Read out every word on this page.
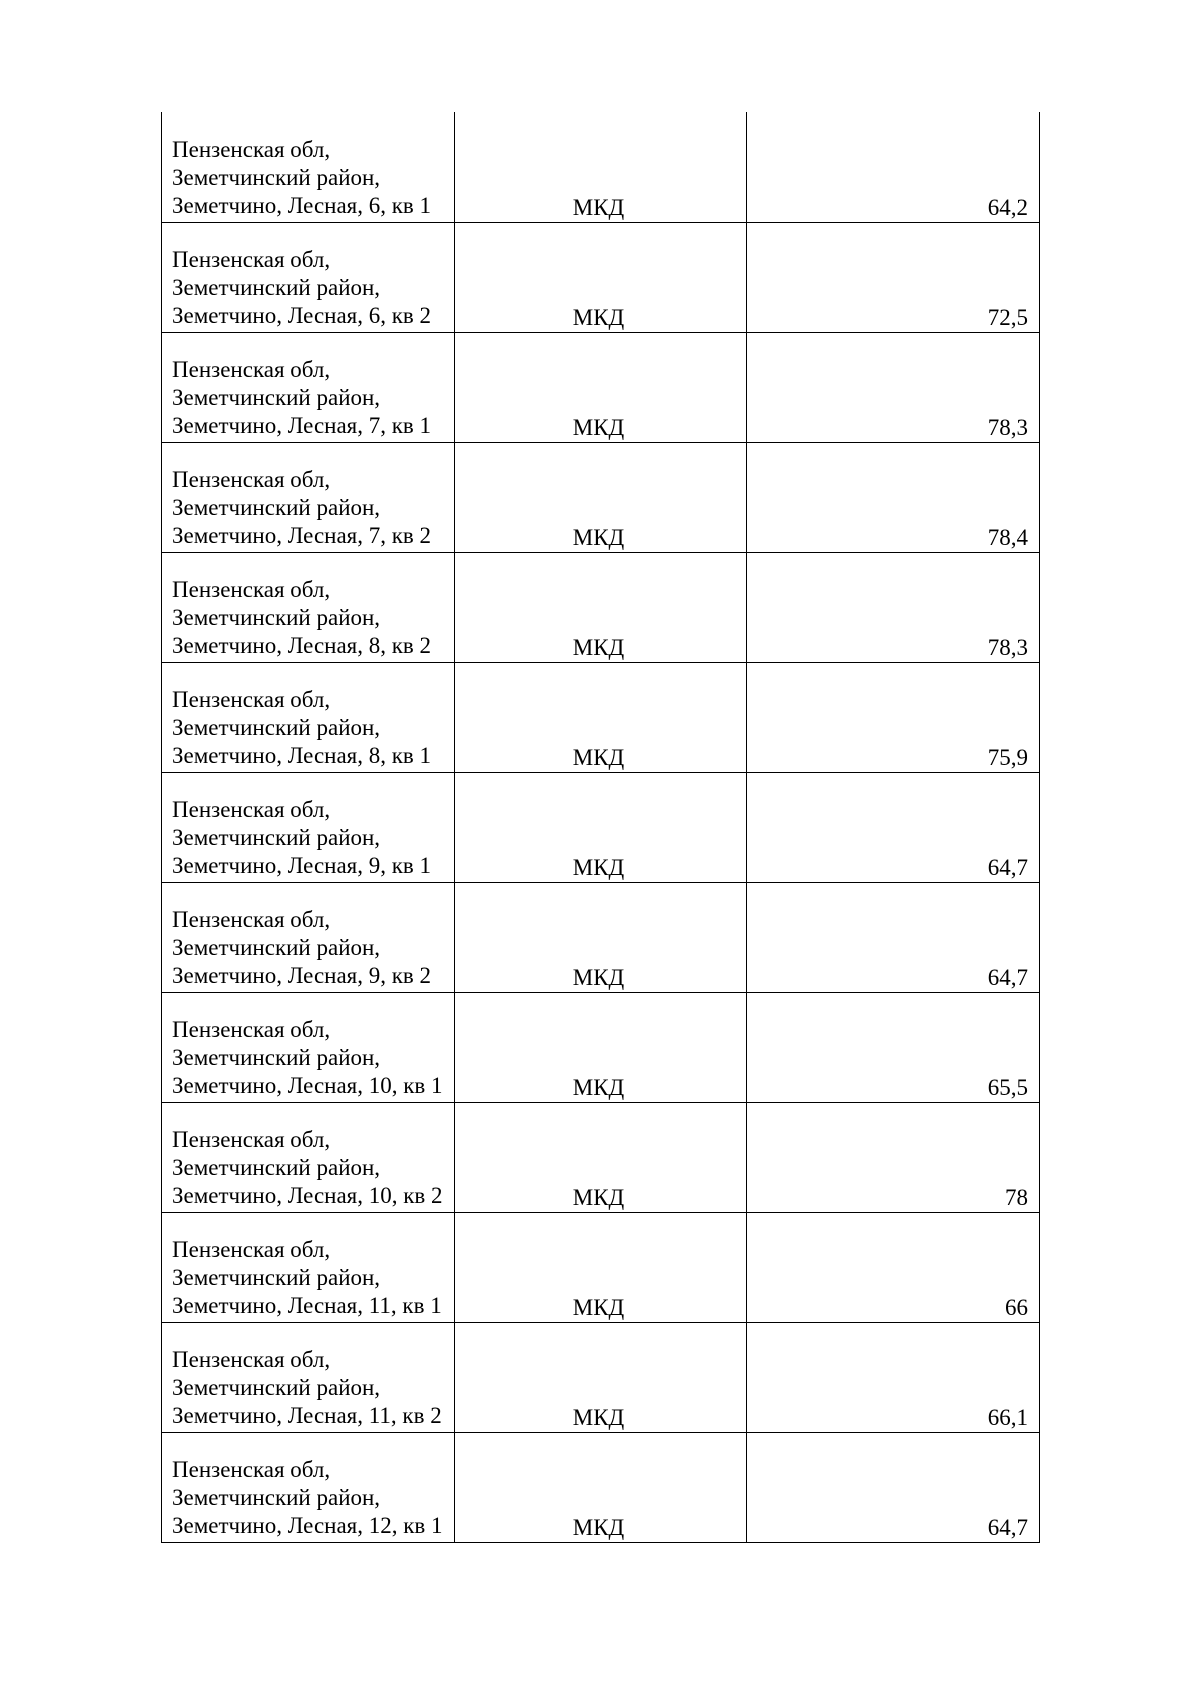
Пензенская обл, Земетчинский район, Земетчино, Лесная, 6, кв 1	МКД	64,2

Пензенская обл, Земетчинский район, Земетчино, Лесная, 6, кв 2	МКД	72,5

Пензенская обл, Земетчинский район, Земетчино, Лесная, 7, кв 1	МКД	78,3

Пензенская обл, Земетчинский район, Земетчино, Лесная, 7, кв 2	МКД	78,4

Пензенская обл, Земетчинский район, Земетчино, Лесная, 8, кв 2	МКД	78,3

Пензенская обл, Земетчинский район, Земетчино, Лесная, 8, кв 1	МКД	75,9

Пензенская обл, Земетчинский район, Земетчино, Лесная, 9, кв 1	МКД	64,7

Пензенская обл, Земетчинский район, Земетчино, Лесная, 9, кв 2	МКД	64,7

Пензенская обл, Земетчинский район, Земетчино, Лесная, 10, кв 1	МКД	65,5

Пензенская обл, Земетчинский район, Земетчино, Лесная, 10, кв 2	МКД	78

Пензенская обл, Земетчинский район, Земетчино, Лесная, 11, кв 1	МКД	66

Пензенская обл, Земетчинский район, Земетчино, Лесная, 11, кв 2	МКД	66,1

Пензенская обл, Земетчинский район, Земетчино, Лесная, 12, кв 1	МКД	64,7
